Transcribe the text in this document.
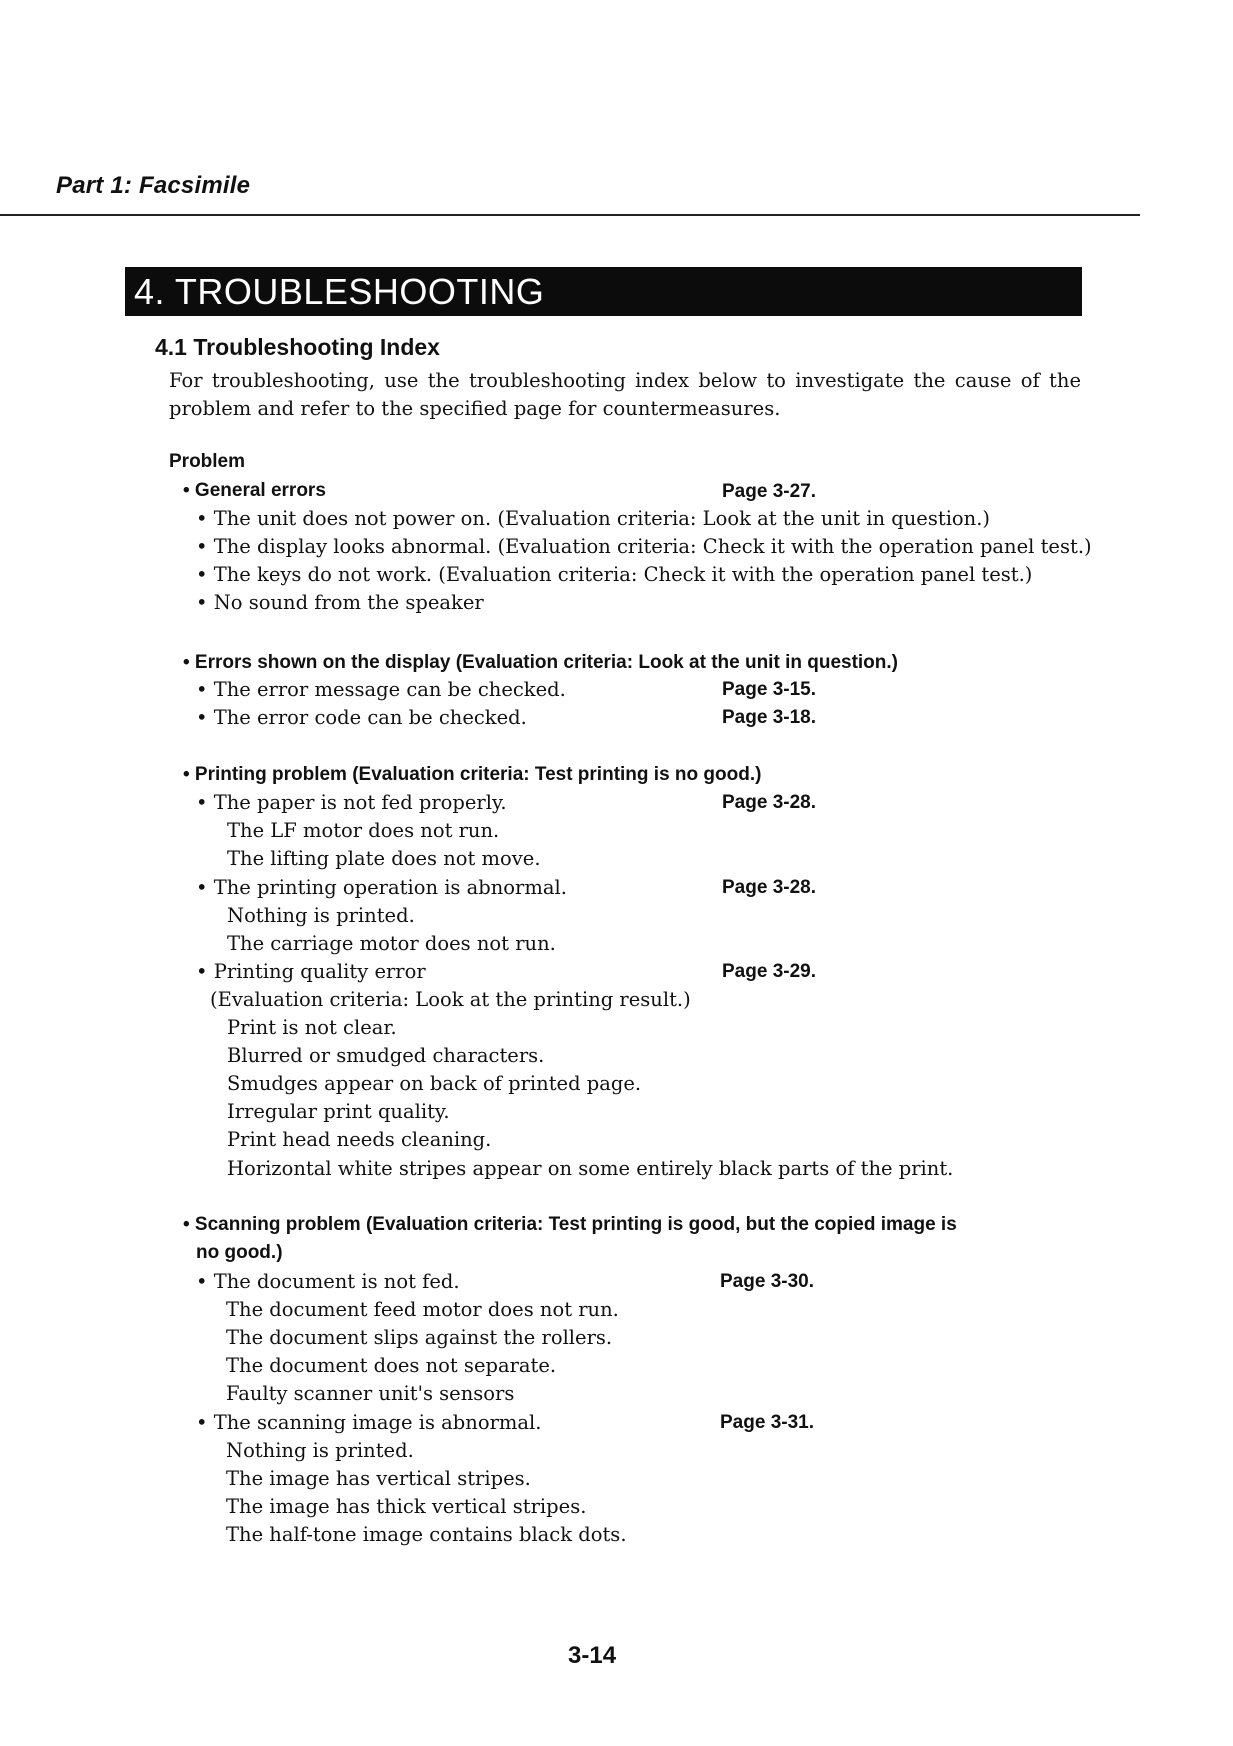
Part 1: Facsimile
4. TROUBLESHOOTING
4.1 Troubleshooting Index
For troubleshooting, use the troubleshooting index below to investigate the cause of the problem and refer to the specified page for countermeasures.
Problem
• General errors	Page 3-27.
• The unit does not power on. (Evaluation criteria: Look at the unit in question.)
• The display looks abnormal. (Evaluation criteria: Check it with the operation panel test.)
• The keys do not work. (Evaluation criteria: Check it with the operation panel test.)
• No sound from the speaker
• Errors shown on the display (Evaluation criteria: Look at the unit in question.)
• The error message can be checked.	Page 3-15.
• The error code can be checked.	Page 3-18.
• Printing problem (Evaluation criteria: Test printing is no good.)
• The paper is not fed properly.	Page 3-28.
The LF motor does not run.
The lifting plate does not move.
• The printing operation is abnormal.	Page 3-28.
Nothing is printed.
The carriage motor does not run.
• Printing quality error	Page 3-29.
(Evaluation criteria: Look at the printing result.)
Print is not clear.
Blurred or smudged characters.
Smudges appear on back of printed page.
Irregular print quality.
Print head needs cleaning.
Horizontal white stripes appear on some entirely black parts of the print.
• Scanning problem (Evaluation criteria: Test printing is good, but the copied image is
no good.)
• The document is not fed.	Page 3-30.
The document feed motor does not run.
The document slips against the rollers.
The document does not separate.
Faulty scanner unit's sensors
• The scanning image is abnormal.	Page 3-31.
Nothing is printed.
The image has vertical stripes.
The image has thick vertical stripes.
The half-tone image contains black dots.
3-14
